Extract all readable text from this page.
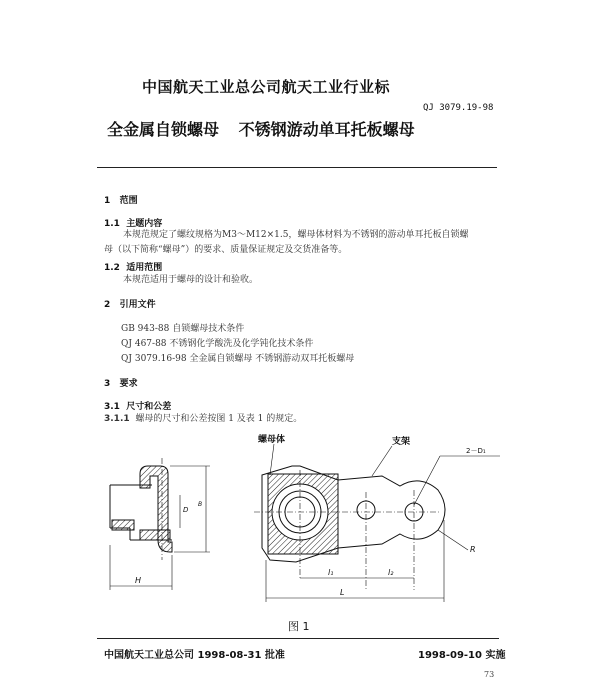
中国航天工业总公司航天工业行业标
QJ 3079.19-98
全金属自锁螺母 不锈钢游动单耳托板螺母
1 范围
1.1 主题内容
本规范规定了螺纹规格为M3～M12×1.5，螺母体材料为不锈钢的游动单耳托板自锁螺
母（以下简称“螺母”）的要求、质量保证规定及交货准备等。
1.2 适用范围
本规范适用于螺母的设计和验收。
2 引用文件
GB 943-88 自锁螺母技术条件
QJ 467-88 不锈钢化学酸洗及化学钝化技术条件
QJ 3079.16-98 全金属自锁螺母 不锈钢游动双耳托板螺母
3 要求
3.1 尺寸和公差
3.1.1 螺母的尺寸和公差按图 1 及表 1 的规定。
螺母体	支架
2－D₁
R
D
B
H
l₁	l₂
L
图 1
中国航天工业总公司 1998-08-31 批准	1998-09-10 实施
73
